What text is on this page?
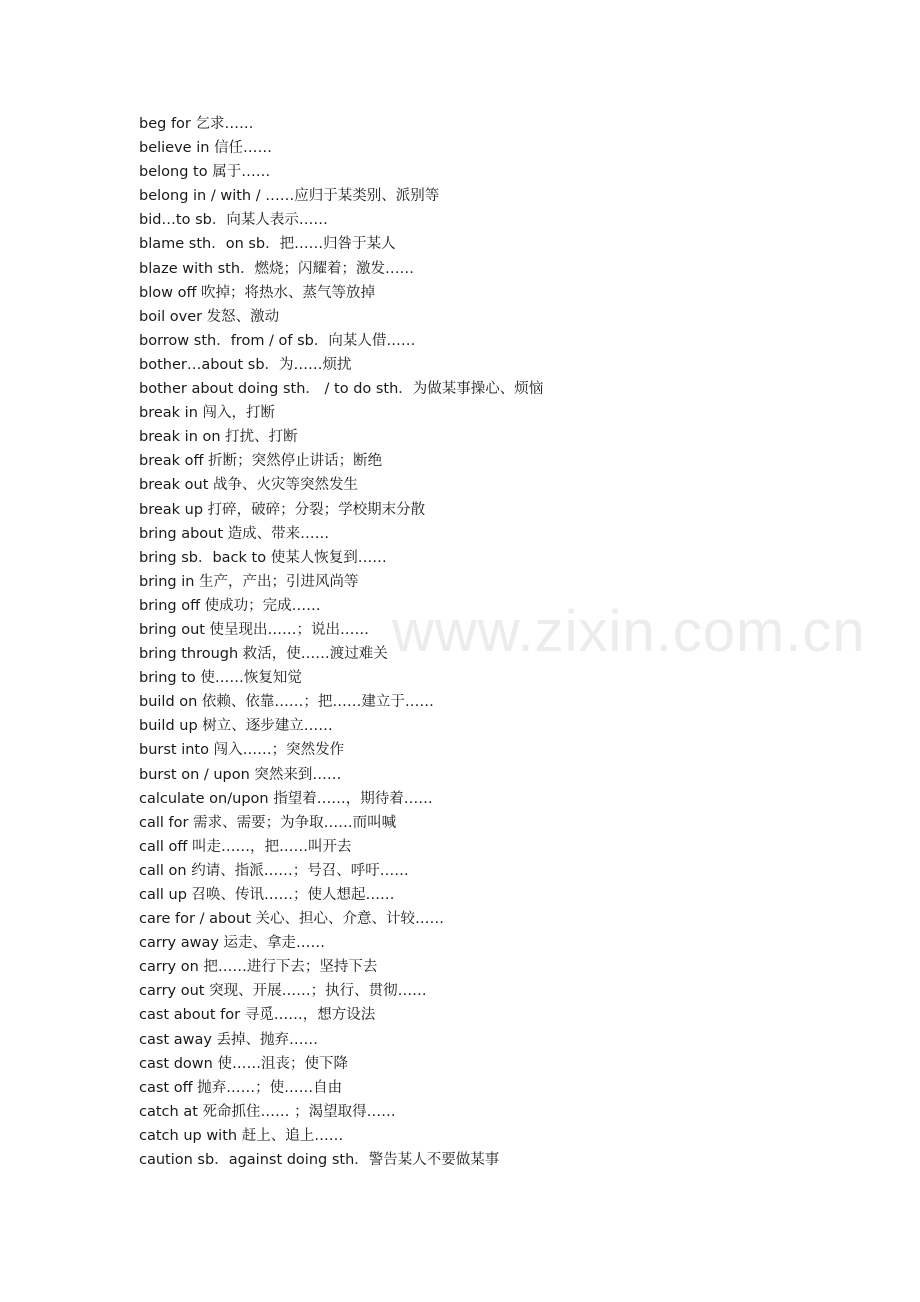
www.zixin.com.cn
beg for 乞求……
believe in 信任……
belong to 属于……
belong in / with / ……应归于某类别、派别等
bid…to sb．向某人表示……
blame sth．on sb．把……归咎于某人
blaze with sth．燃烧；闪耀着；激发……
blow off 吹掉；将热水、蒸气等放掉
boil over 发怒、激动
borrow sth．from / of sb．向某人借……
bother…about sb．为……烦扰
bother about doing sth． / to do sth．为做某事操心、烦恼
break in 闯入，打断
break in on 打扰、打断
break off 折断；突然停止讲话；断绝
break out 战争、火灾等突然发生
break up 打碎，破碎；分裂；学校期末分散
bring about 造成、带来……
bring sb．back to 使某人恢复到……
bring in 生产，产出；引进风尚等
bring off 使成功；完成……
bring out 使呈现出……；说出……
bring through 救活，使……渡过难关
bring to 使……恢复知觉
build on 依赖、依靠……；把……建立于……
build up 树立、逐步建立……
burst into 闯入……；突然发作
burst on / upon 突然来到……
calculate on/upon 指望着……，期待着……
call for 需求、需要；为争取……而叫喊
call off 叫走……，把……叫开去
call on 约请、指派……；号召、呼吁……
call up 召唤、传讯……；使人想起……
care for / about 关心、担心、介意、计较……
carry away 运走、拿走……
carry on 把……进行下去；坚持下去
carry out 突现、开展……；执行、贯彻……
cast about for 寻觅……，想方设法
cast away 丢掉、抛弃……
cast down 使……沮丧；使下降
cast off 抛弃……；使……自由
catch at 死命抓住…… ；渴望取得……
catch up with 赶上、追上……
caution sb．against doing sth．警告某人不要做某事
